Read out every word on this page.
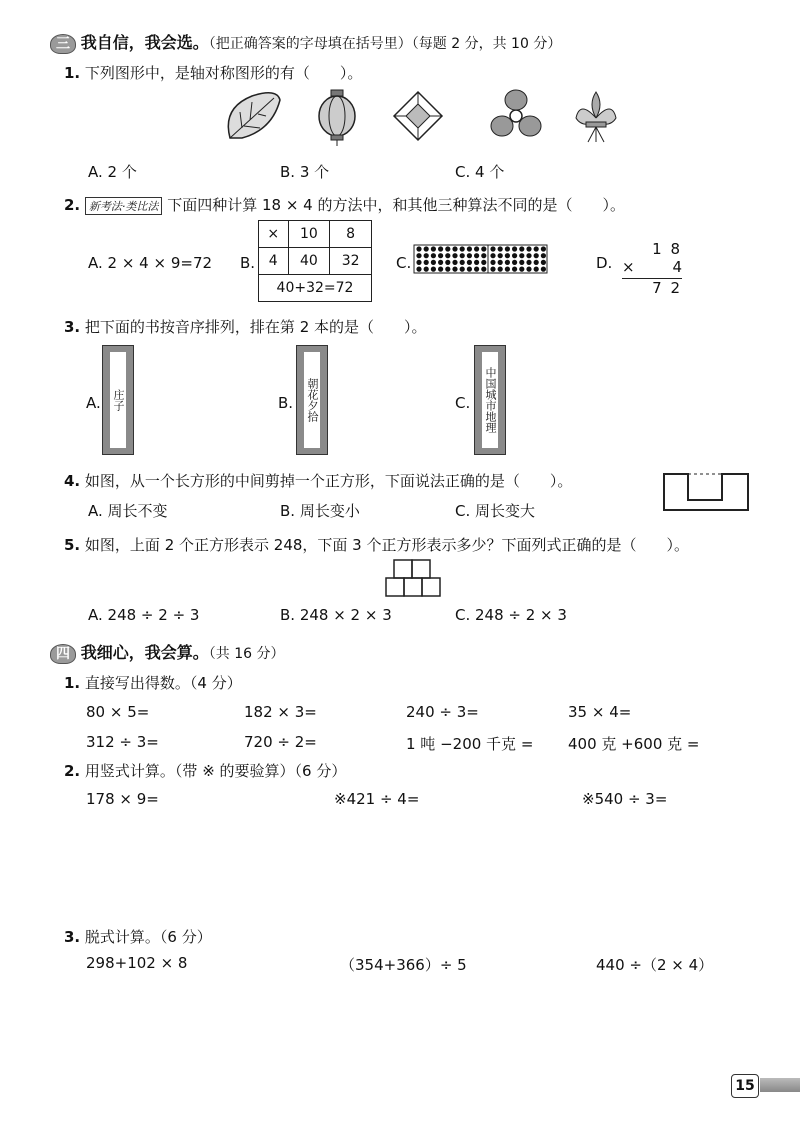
三 我自信，我会选。（把正确答案的字母填在括号里）（每题 2 分，共 10 分）
1. 下列图形中，是轴对称图形的有（　　）。
A. 2 个	B. 3 个	C. 4 个
2. 新考法·类比法 下面四种计算 18 × 4 的方法中，和其他三种算法不同的是（　　）。
A. 2 × 4 × 9=72 B.
×	10	8
4	40	32
40+32=72		
C.	D.
1 8
×	4
7 2
3. 把下面的书按音序排列，排在第 2 本的是（　　）。
A. 庄子	B. 朝花夕拾	C. 中国城市地理
4. 如图，从一个长方形的中间剪掉一个正方形，下面说法正确的是（　　）。
A. 周长不变	B. 周长变小	C. 周长变大
5. 如图，上面 2 个正方形表示 248，下面 3 个正方形表示多少？下面列式正确的是（　　）。
A. 248 ÷ 2 ÷ 3	B. 248 × 2 × 3	C. 248 ÷ 2 × 3
四 我细心，我会算。（共 16 分）
1. 直接写出得数。（4 分）
80 × 5=	182 × 3=	240 ÷ 3=	35 × 4=
312 ÷ 3=	720 ÷ 2=	1 吨 −200 千克 = 400 克 +600 克 =
2. 用竖式计算。（带 ※ 的要验算）（6 分）
178 × 9=	※421 ÷ 4=	※540 ÷ 3=
3. 脱式计算。（6 分）
298+102 × 8	（354+366）÷ 5	440 ÷（2 × 4）
15
